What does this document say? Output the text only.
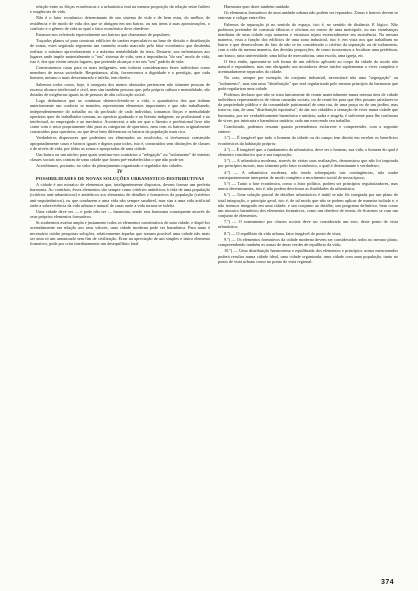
relação entre as fôrças econômicas e a urbanística está na mesma proporção da relação entre fatôres e exigências de vida.

Não é o fator econômico determinante de um sistema de vida e de bem estar, do melhor, de residência e de modo de vida dos que se abrigam em um bairro, ou nas áreas à suas aproximações, o conforto e o gênero de vida ao qual o fator econômico deve obedecer.

Estamos-nos referindo especialmente aos bairros que chamamos de populares.

Traçados planos só para construir edifícios de caráter especulativo na base de divisão e distribuição de zonas, estes seguindo segmento um caminho errado marcado pelo fator econômico que desdenha realizar o máximo aproveitamento e a máxima rentabilidade da terra. Destarte, nos enfrentamos aos lugares onde impõe materialmente o "seu" sistema de vida, sem a importância "do seu" modo de vida, isto é, dos que vivem nesses lugares, que pretende alcançar e ter um "seu" padrão de vida.

Construiremos casas para os mais indigentes, sem todavia considerarmos êsses indivíduos como membros de nossa sociedade. Respeitamos, aliás, favorecemos a dignidade e o prestígio, que cada homem, mesmo o mais desventurado e infeliz, tem direito.

Sabemos todos como, hoje, à categoria dos menos abastados pertencem não sòmente pessoas de escasso alcance intelectual e civil, mas sim também pessoas que, pela própria cultura e mentalidade, são dotadas de exigências iguais às de pessoas de alta colocação social.

Logo deduzimos que ao continuar desenvolvendo-se a vida, o quantitativo dos que tinham anteriormente um conforto se mantém, representam elementos importantes e que não trabalhando, independentemente do trabalho ou da profissão de cada indivíduo, tornamos fôrças e mentalidade operárias quer do trabalhador comum, ao operário graduado e ao literato indigente, ao profissional e ao intelectual, ao empregado e ao mecânico. Acontecerá, a não ser que o literato e profissional livre não conte com o setor propriamente dito para as categorias de operários, nem com os bairros originalmente construídos para operários, no que deve bem diferenciar os bairros da população mais rica.

Verdadeiros dispersores que poderiam ser eliminados ou resolvidos, si tivéssemos construído apropriadamente casas e bairros iguais e dignos para todos, isto é, construídos sem distinções de classes e de níveis de vida, por tôdas as zonas e apropriadas de uma cidade.

Um bairro ou um núcleo para quais sentimo-nos contrários a "relegação" ou "isolamento" de inteiras classes sociais nos contras de uma cidade que foram pré-estabelecidas o que não pode ser.

Acreditamos, portanto, no valor do planejamento organizado e regulador das cidades.

IV
POSSIBILIDADES DE NOVAS SOLUÇÕES URBANISTICO-DISTRIBUTIVAS

A cidade é um mosaico de elementos que, inteligentemente dispostos, devem formar um perfeita harmonia. Ao contrário, êsses elementos são sempre como critérios antitéticos à vida de uma população (critérios anti-urbanísticos) e antitéticos aos elementos de detalhes e formativos da população (critérios anti-arquitetônicos), ou que conduzem a uma vida não sempre saudável, mas sim a uma vida artificial onde a sobrevivência da vida urbana e natural de casas onde a vida tornou-se infeliz.

Uma cidade deve ser — e pode não ser — harmonia, sendo esta harmonia consequente através de seus próprios elementos formativos.

Si soubermos avaliar ampla e justamente todos os elementos constitutivos de uma cidade, e dispô-los acertadamente em relação aos seus valores, uma cidade moderna pode ser harmônica. Para tanto é necessário cuidar pesquisas soluções, relativamente àquelas que tornam possível uma cidade não mais ser uma só um amontoado sem fim de civilização. Errar na apreciação de um simples e único elemento formativo, pode por criar imediatamente um desequilíbrio fatal.

Harmonia quer dizer também unidade.

Os elementos formativos de uma unidade urbana não podem ser reparados. Zonas e bairros devem se entrosar e coligar entre êles.

Falemos de separação já no sentido do espaço, isto é, no sentido de distância. E lógico. Não podemos pretender de construir fábricas e oficinas no centro de uma metrópole, ou nas vizinhanças imediatas de uma cidade cuja natureza e estrutura sejam essencialmente em assistência. Na mesma maneira, vista a função dos edifícios de uma zona industrial, isto é, em vista nos que trabalham no bairro e que desenvolvem do fato de não se ter considerado o critério da separação ou de isolamento, com a vida da mesma maneira, das devidas proporções, de como trouxermos a localizar uma prefeitura, um banco, uma universidade, uma bôlsa de mercadorias, uma escola, uma igreja, etc.

O êrro então, apresenta-se sob forma de um edifício aplicado ao corpo da cidade do modo não natural e espontâneo, mas sim obrigando aos moradores desse núcleo suplementar a viver completa e acentuadamente separados da cidade.

No caso, sempre por exemplo, do conjunto industrial, necessitará não uma "segregação" ou "isolamento", mas sim uma "distribuição" que será regularizada pelo mesmo princípio da harmonia que pode regularizar uma cidade.

Podemos declarar que não se trata ùnicamente de reunir materialmente numa mesma área de cidade indivíduos representativos de várias camadas sociais, ou de reuni-los para que êles possam satisfazer-se da propriedade pública e da comunidade patrimonial de uma rua, de uma praça ou de um jardim, mas trata-se, sim, de uma "distribuição equitativa", de dar aos cidadãos a sensação de viver numa cidade que harmonia, por ser verdadeiramente harmônica e unitária, sadia e singela, é suficiente para lhe confirmar de viver, por inteiraria e harmônica unitária, cada um exercendo seu trabalho.

Concluindo, podemos resumir quanto pretendemos esclarecer e compreender, com a seguinte síntese:

1.º) — É inegável que tudo o homem da cidade ou do campo tem direito em receber os benefícios econômicos da habitação própria;

2.º) — É inegável que, a fundamento da urbanística, deve ser o homem, sua vida, o homem do qual é elemento constitutivo que a sua inspiração;

3.º) — A urbanística moderna, através de várias suas realizações, demonstrou que não foi inspirada por princípios morais, mas sòmente pelo fator econômico, o qual é determinante e verdadeiro;

4.º) — A urbanística moderna, não tendo sobrepujado tais contingências, não soube consequentemente interpretar de modo completo o movimento social de nossa época;

5.º) — Tanto a fase econômica, como o fator político, podem ser princípios regularizadores, mas nunca determinantes, isto é, não podem desvirtuar as finalidades da urbanística;

6.º) — Uma solução parcial de detalhes urbanísticos é inútil se não fôr integrada por um plano de total integração, o princípio geral, isto é, de tal modo que não se podem aplicar de maneira isolada e, e não teremos integrado em uma cidade, e um conjunto ao detalhe, um programa definitivo, bem como um mosaico harmônico dos elementos formativos, como um obedece de reunir, de ficarmos se com um conjunto de elementos.

7.º) — O zoneamento por classes sociais deve ser considerado um erro, deste ponto de vista urbanístico;

8.º) — O equilíbrio da vida urbana, fator inegável do ponto de vista;

9.º) — Os elementos formativos da cidade moderna devem ser considerados todos no mesmo plano, compreendendo também as zonas de áreas verdes de equilíbrio da vida;

10.º) — Uma distribuição harmoniosa e equilibrada dos elementos e princípios acima mencionados poderá resultar numa cidade ideal, uma cidade organizada, uma cidade com uma população, tanto no ponto de vista urbano como no ponto de vista regional.

374
